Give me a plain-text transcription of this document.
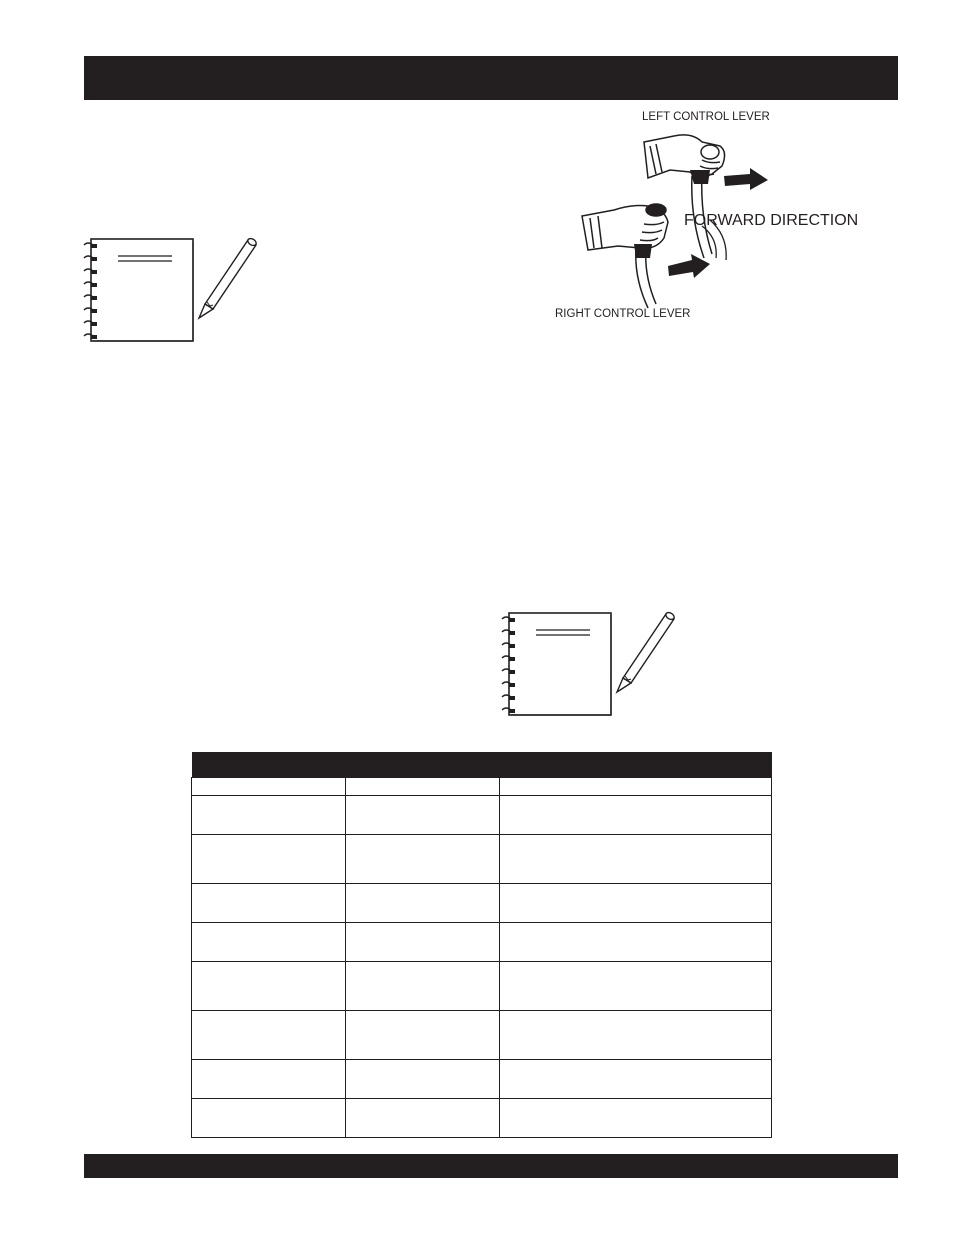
LEFT CONTROL LEVER
FORWARD DIRECTION
RIGHT CONTROL LEVER
